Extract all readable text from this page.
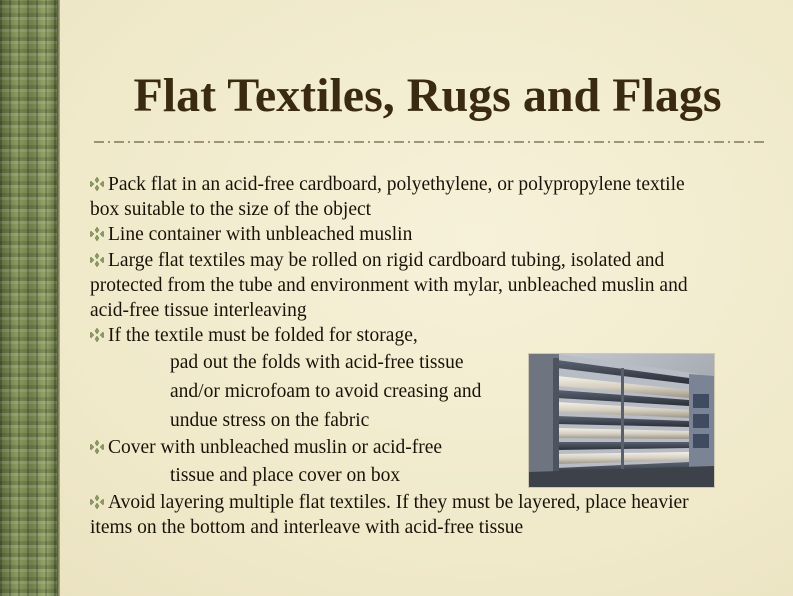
Flat Textiles, Rugs and Flags

Pack flat in an acid-free cardboard, polyethylene, or polypropylene textile box suitable to the size of the object

Line container with unbleached muslin

Large flat textiles may be rolled on rigid cardboard tubing, isolated and protected from the tube and environment with mylar, unbleached muslin and acid-free tissue interleaving

If the textile must be folded for storage,
pad out the folds with acid-free tissue
and/or microfoam to avoid creasing and
undue stress on the fabric

Cover with unbleached muslin or acid-free
tissue and place cover on box

Avoid layering multiple flat textiles. If they must be layered, place heavier items on the bottom and interleave with acid-free tissue
